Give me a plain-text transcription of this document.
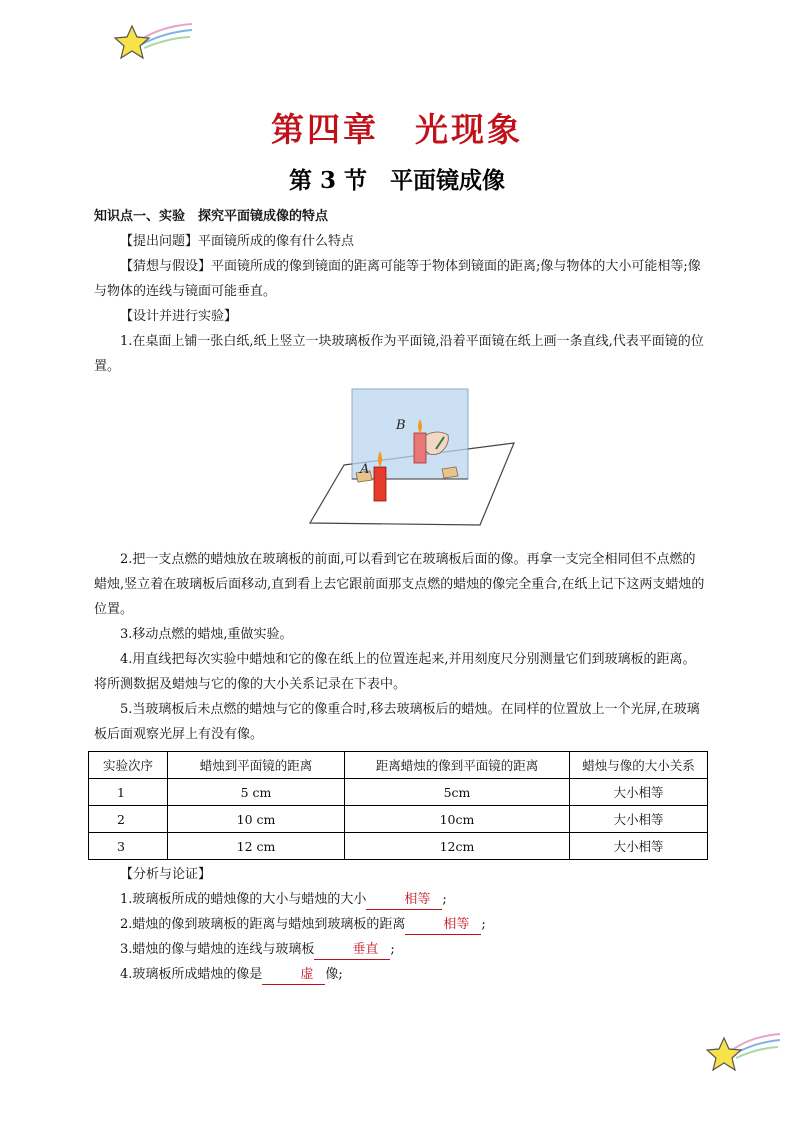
第四章　光现象
第 3 节　平面镜成像

知识点一、实验　探究平面镜成像的特点

【提出问题】平面镜所成的像有什么特点

【猜想与假设】平面镜所成的像到镜面的距离可能等于物体到镜面的距离;像与物体的大小可能相等;像与物体的连线与镜面可能垂直。

【设计并进行实验】

1.在桌面上铺一张白纸,纸上竖立一块玻璃板作为平面镜,沿着平面镜在纸上画一条直线,代表平面镜的位置。

B
A

2.把一支点燃的蜡烛放在玻璃板的前面,可以看到它在玻璃板后面的像。再拿一支完全相同但不点燃的蜡烛,竖立着在玻璃板后面移动,直到看上去它跟前面那支点燃的蜡烛的像完全重合,在纸上记下这两支蜡烛的位置。

3.移动点燃的蜡烛,重做实验。

4.用直线把每次实验中蜡烛和它的像在纸上的位置连起来,并用刻度尺分别测量它们到玻璃板的距离。将所测数据及蜡烛与它的像的大小关系记录在下表中。

5.当玻璃板后未点燃的蜡烛与它的像重合时,移去玻璃板后的蜡烛。在同样的位置放上一个光屏,在玻璃板后面观察光屏上有没有像。

实验次序	蜡烛到平面镜的距离	距离蜡烛的像到平面镜的距离	蜡烛与像的大小关系
1	5 cm	5cm	大小相等
2	10 cm	10cm	大小相等
3	12 cm	12cm	大小相等

【分析与论证】

1.玻璃板所成的蜡烛像的大小与蜡烛的大小	相等 ;

2.蜡烛的像到玻璃板的距离与蜡烛到玻璃板的距离	相等 ;

3.蜡烛的像与蜡烛的连线与玻璃板	垂直 ;

4.玻璃板所成蜡烛的像是	虚 像;
